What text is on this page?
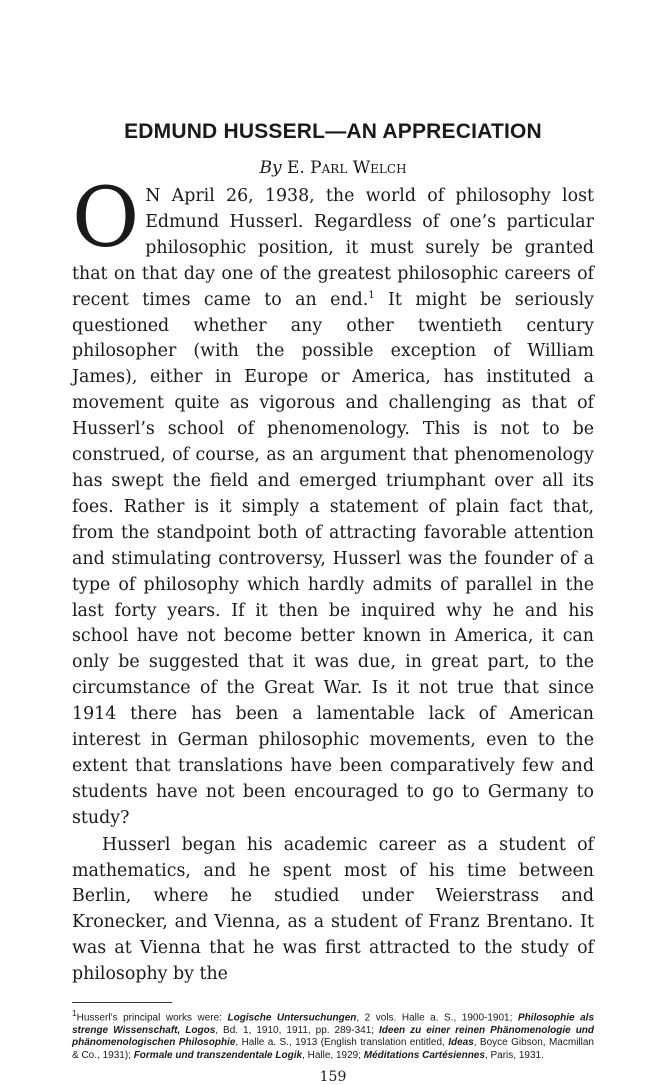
EDMUND HUSSERL—AN APPRECIATION
By E. Parl Welch

O N April 26, 1938, the world of philosophy lost Edmund Husserl. Regardless of one’s particular philosophic position, it must surely be granted that on that day one of the greatest philosophic careers of recent times came to an end.$^1$ It might be seriously questioned whether any other twentieth century philosopher (with the possible exception of William James), either in Europe or America, has instituted a movement quite as vigorous and challenging as that of Husserl’s school of phenomenology. This is not to be construed, of course, as an argument that phenomenology has swept the field and emerged triumphant over all its foes. Rather is it simply a statement of plain fact that, from the standpoint both of attracting favorable attention and stimulating controversy, Husserl was the founder of a type of philosophy which hardly admits of parallel in the last forty years. If it then be inquired why he and his school have not become better known in America, it can only be suggested that it was due, in great part, to the circumstance of the Great War. Is it not true that since 1914 there has been a lamentable lack of American interest in German philosophic movements, even to the extent that translations have been comparatively few and students have not been encouraged to go to Germany to study?

Husserl began his academic career as a student of mathematics, and he spent most of his time between Berlin, where he studied under Weierstrass and Kronecker, and Vienna, as a student of Franz Brentano. It was at Vienna that he was first attracted to the study of philosophy by the

$^1$Husserl’s principal works were: Logische Untersuchungen, 2 vols. Halle a. S., 1900-1901; Philosophie als strenge Wissenschaft, Logos, Bd. 1, 1910, 1911, pp. 289-341; Ideen zu einer reinen Phänomenologie und phänomenologischen Philosophie, Halle a. S., 1913 (English translation entitled, Ideas, Boyce Gibson, Macmillan & Co., 1931); Formale und transzendentale Logik, Halle, 1929; Méditations Cartésiennes, Paris, 1931.

159
